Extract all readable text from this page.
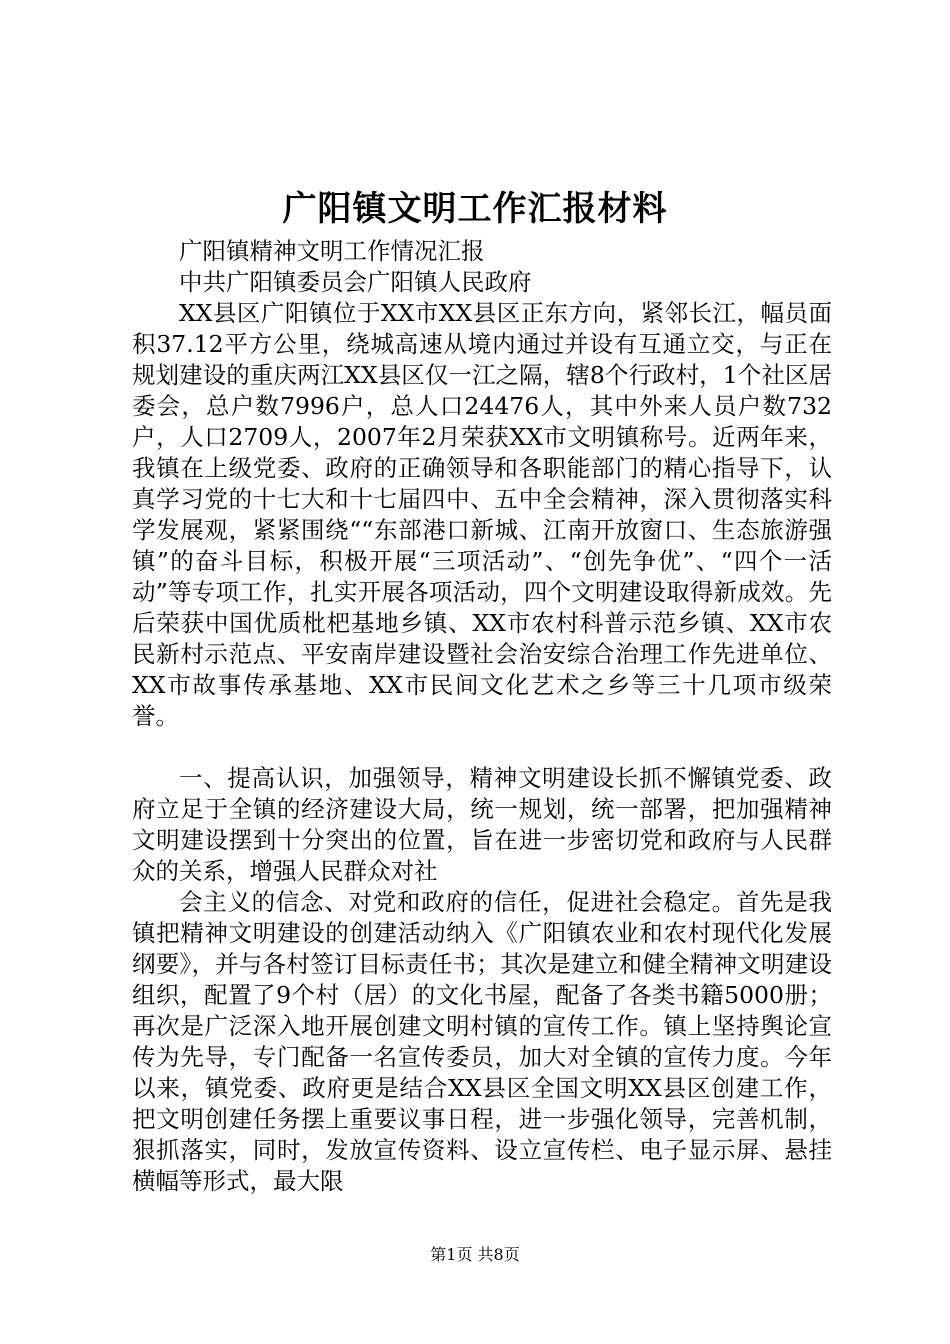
广阳镇文明工作汇报材料

广阳镇精神文明工作情况汇报

中共广阳镇委员会广阳镇人民政府

XX县区广阳镇位于XX市XX县区正东方向，紧邻长江，幅员面积37.12平方公里，绕城高速从境内通过并设有互通立交，与正在规划建设的重庆两江XX县区仅一江之隔，辖8个行政村，1个社区居委会，总户数7996户，总人口24476人，其中外来人员户数732户，人口2709人，2007年2月荣获XX市文明镇称号。近两年来，我镇在上级党委、政府的正确领导和各职能部门的精心指导下，认真学习党的十七大和十七届四中、五中全会精神，深入贯彻落实科学发展观，紧紧围绕““东部港口新城、江南开放窗口、生态旅游强镇”的奋斗目标，积极开展“三项活动”、“创先争优”、“四个一活动”等专项工作，扎实开展各项活动，四个文明建设取得新成效。先后荣获中国优质枇杷基地乡镇、XX市农村科普示范乡镇、XX市农民新村示范点、平安南岸建设暨社会治安综合治理工作先进单位、XX市故事传承基地、XX市民间文化艺术之乡等三十几项市级荣誉。

一、提高认识，加强领导，精神文明建设长抓不懈镇党委、政府立足于全镇的经济建设大局，统一规划，统一部署，把加强精神文明建设摆到十分突出的位置，旨在进一步密切党和政府与人民群众的关系，增强人民群众对社

会主义的信念、对党和政府的信任，促进社会稳定。首先是我镇把精神文明建设的创建活动纳入《广阳镇农业和农村现代化发展纲要》，并与各村签订目标责任书；其次是建立和健全精神文明建设组织，配置了9个村（居）的文化书屋，配备了各类书籍5000册；再次是广泛深入地开展创建文明村镇的宣传工作。镇上坚持舆论宣传为先导，专门配备一名宣传委员，加大对全镇的宣传力度。今年以来，镇党委、政府更是结合XX县区全国文明XX县区创建工作，把文明创建任务摆上重要议事日程，进一步强化领导，完善机制，狠抓落实，同时，发放宣传资料、设立宣传栏、电子显示屏、悬挂横幅等形式，最大限

第1页 共8页
